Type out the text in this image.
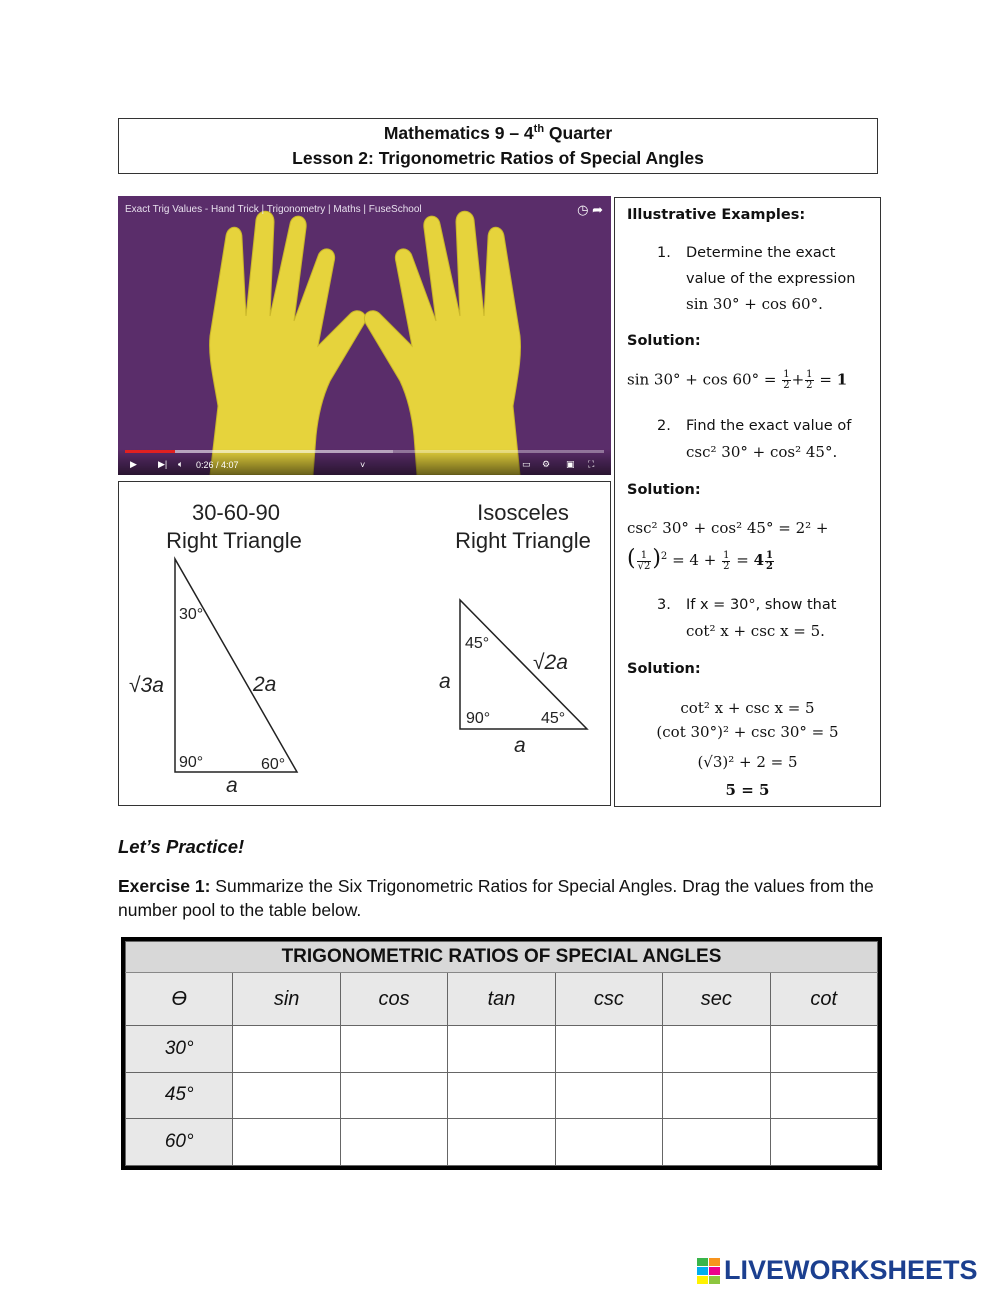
Mathematics 9 – 4th Quarter
Lesson 2: Trigonometric Ratios of Special Angles
Exact Trig Values - Hand Trick | Trigonometry | Maths | FuseSchool	◷ ➦
▶ ▶| 🔈︎ 0:26 / 4:07	˅	▭ ⚙ ▣ ⛶
30-60-90
Right Triangle
30°
90°	60°
√3a	2a
a
Isosceles
Right Triangle
45°
90°	45°
a
√2a
a
Illustrative Examples:
1. Determine the exact
value of the expression
sin 30° + cos 60°.
Solution:
$\sin 30^\circ + \cos 60^\circ = \frac{1}{2} + \frac{1}{2} = 1$
2. Find the exact value of
csc² 30° + cos² 45°.
Solution:
csc² 30° + cos² 45° = 2² +
( $\frac{1}{√2} )^2 = 4 + \frac{1}{2} = 4 \frac{1}{2}$
3. If x = 30°, show that
cot² x + csc x = 5.
Solution:
cot² x + csc x = 5
(cot 30°)² + csc 30° = 5
(√3)² + 2 = 5
5 = 5
Let’s Practice!
Exercise 1: Summarize the Six Trigonometric Ratios for Special Angles. Drag the values from the number pool to the table below.
TRIGONOMETRIC RATIOS OF SPECIAL ANGLES						
ϴ	sin	cos	tan	csc	sec	cot
30°						
45°						
60°						
LIVEWORKSHEETS
